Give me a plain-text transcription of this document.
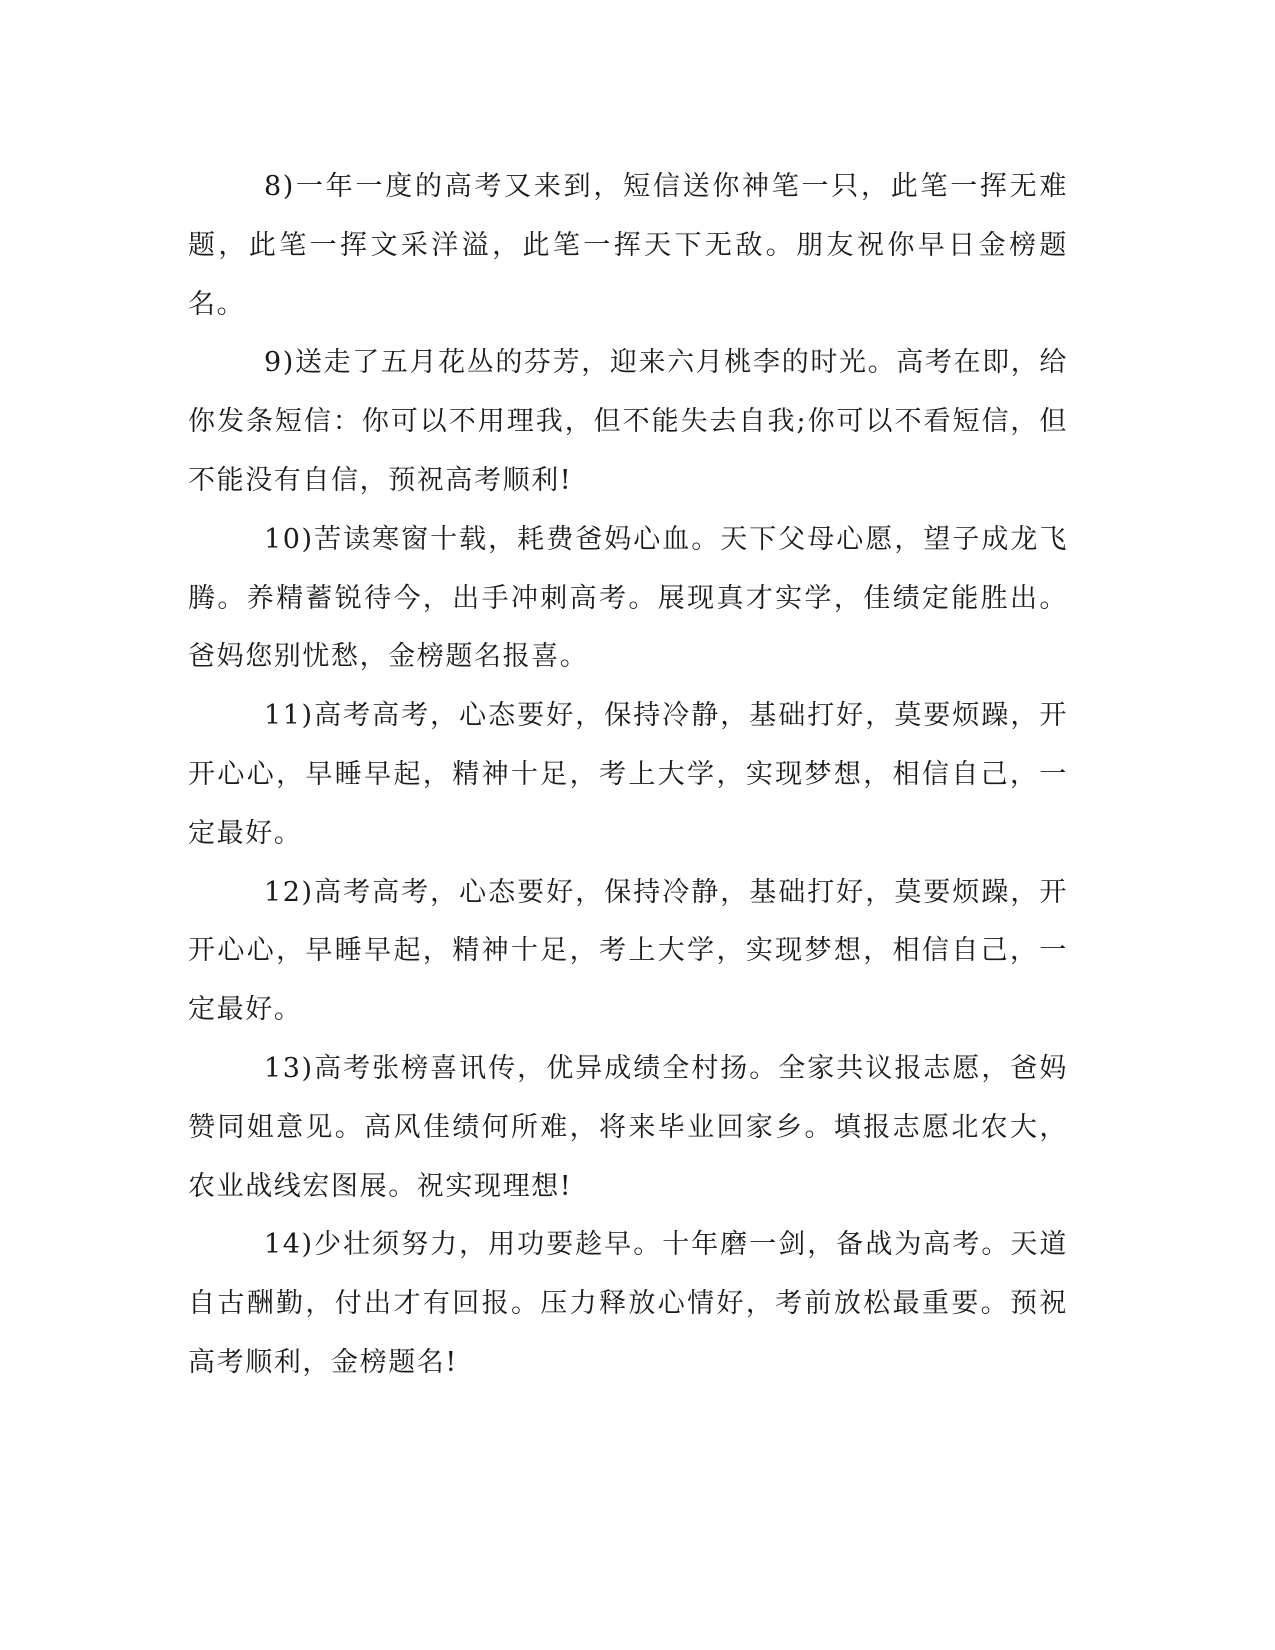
8)一年一度的高考又来到，短信送你神笔一只，此笔一挥无难题，此笔一挥文采洋溢，此笔一挥天下无敌。朋友祝你早日金榜题名。

9)送走了五月花丛的芬芳，迎来六月桃李的时光。高考在即，给你发条短信：你可以不用理我，但不能失去自我;你可以不看短信，但不能没有自信，预祝高考顺利!

10)苦读寒窗十载，耗费爸妈心血。天下父母心愿，望子成龙飞腾。养精蓄锐待今，出手冲刺高考。展现真才实学，佳绩定能胜出。爸妈您别忧愁，金榜题名报喜。

11)高考高考，心态要好，保持冷静，基础打好，莫要烦躁，开开心心，早睡早起，精神十足，考上大学，实现梦想，相信自己，一定最好。

12)高考高考，心态要好，保持冷静，基础打好，莫要烦躁，开开心心，早睡早起，精神十足，考上大学，实现梦想，相信自己，一定最好。

13)高考张榜喜讯传，优异成绩全村扬。全家共议报志愿，爸妈赞同姐意见。高风佳绩何所难，将来毕业回家乡。填报志愿北农大，农业战线宏图展。祝实现理想!

14)少壮须努力，用功要趁早。十年磨一剑，备战为高考。天道自古酬勤，付出才有回报。压力释放心情好，考前放松最重要。预祝高考顺利，金榜题名!
